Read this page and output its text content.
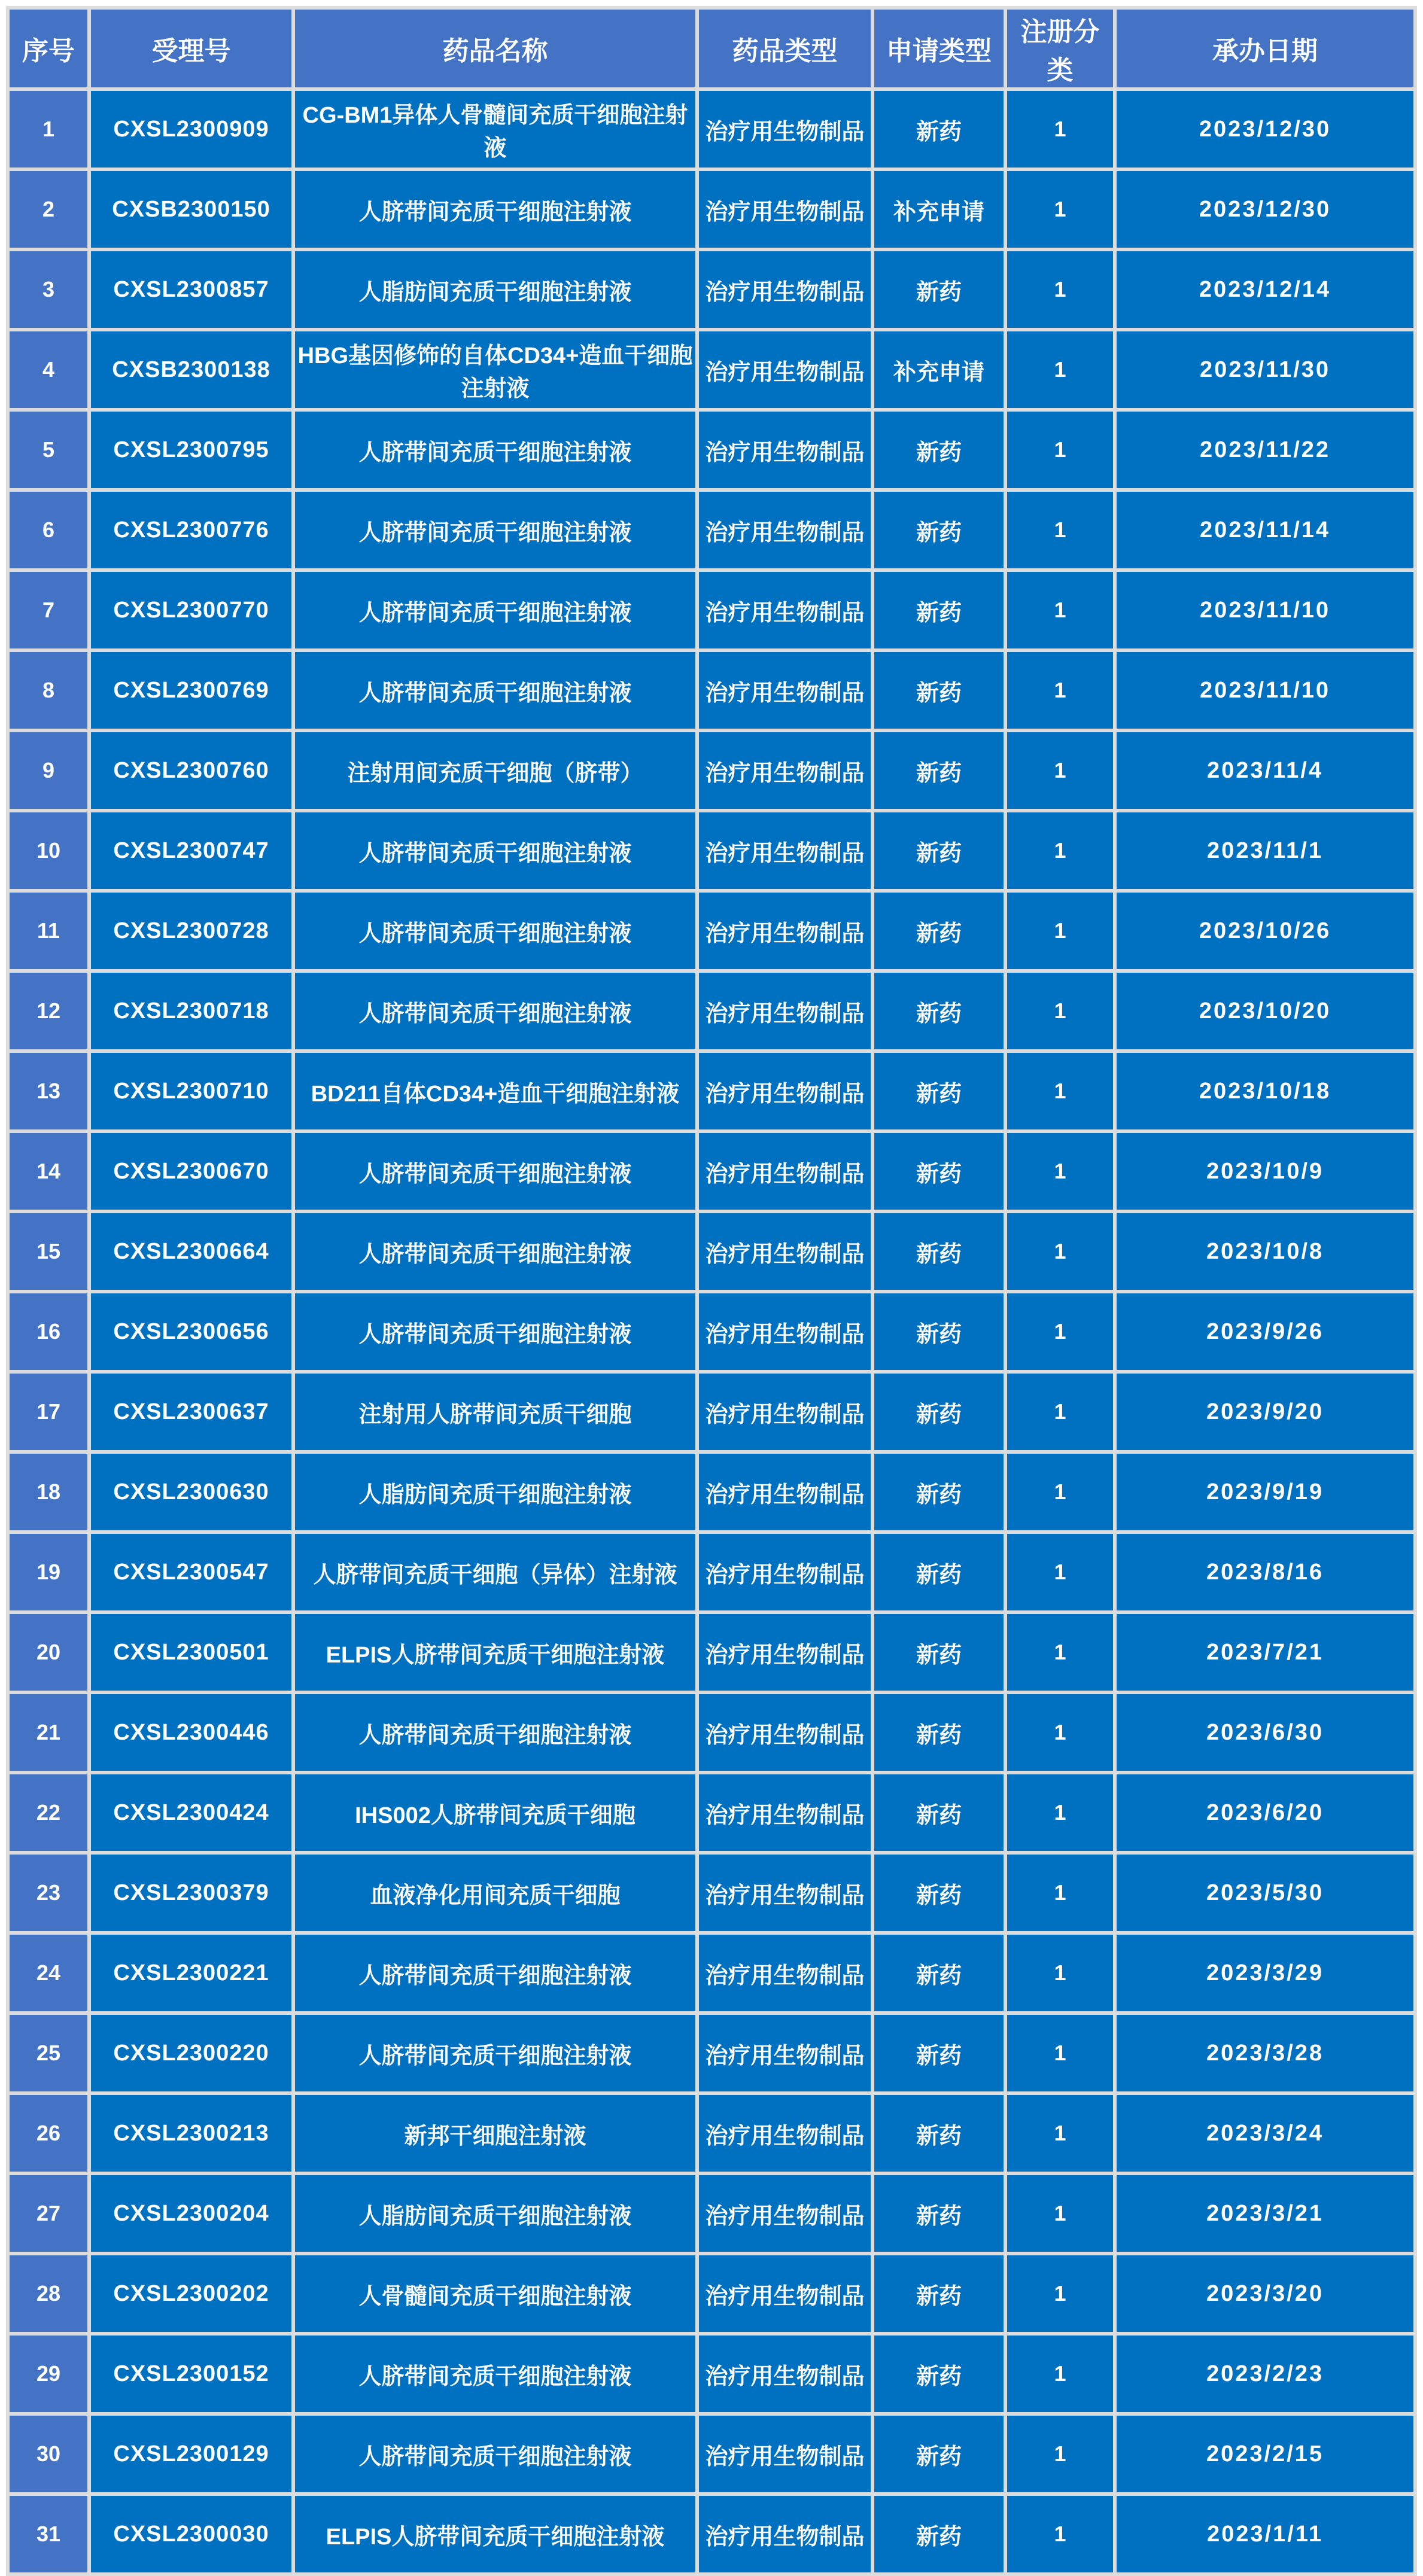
序号	受理号	药品名称	药品类型	申请类型	注册分类	承办日期
1	CXSL2300909	CG-BM1异体人骨髓间充质干细胞注射液	治疗用生物制品	新药	1	2023/12/30
2	CXSB2300150	人脐带间充质干细胞注射液	治疗用生物制品	补充申请	1	2023/12/30
3	CXSL2300857	人脂肪间充质干细胞注射液	治疗用生物制品	新药	1	2023/12/14
4	CXSB2300138	HBG基因修饰的自体CD34+造血干细胞注射液	治疗用生物制品	补充申请	1	2023/11/30
5	CXSL2300795	人脐带间充质干细胞注射液	治疗用生物制品	新药	1	2023/11/22
6	CXSL2300776	人脐带间充质干细胞注射液	治疗用生物制品	新药	1	2023/11/14
7	CXSL2300770	人脐带间充质干细胞注射液	治疗用生物制品	新药	1	2023/11/10
8	CXSL2300769	人脐带间充质干细胞注射液	治疗用生物制品	新药	1	2023/11/10
9	CXSL2300760	注射用间充质干细胞（脐带）	治疗用生物制品	新药	1	2023/11/4
10	CXSL2300747	人脐带间充质干细胞注射液	治疗用生物制品	新药	1	2023/11/1
11	CXSL2300728	人脐带间充质干细胞注射液	治疗用生物制品	新药	1	2023/10/26
12	CXSL2300718	人脐带间充质干细胞注射液	治疗用生物制品	新药	1	2023/10/20
13	CXSL2300710	BD211自体CD34+造血干细胞注射液	治疗用生物制品	新药	1	2023/10/18
14	CXSL2300670	人脐带间充质干细胞注射液	治疗用生物制品	新药	1	2023/10/9
15	CXSL2300664	人脐带间充质干细胞注射液	治疗用生物制品	新药	1	2023/10/8
16	CXSL2300656	人脐带间充质干细胞注射液	治疗用生物制品	新药	1	2023/9/26
17	CXSL2300637	注射用人脐带间充质干细胞	治疗用生物制品	新药	1	2023/9/20
18	CXSL2300630	人脂肪间充质干细胞注射液	治疗用生物制品	新药	1	2023/9/19
19	CXSL2300547	人脐带间充质干细胞（异体）注射液	治疗用生物制品	新药	1	2023/8/16
20	CXSL2300501	ELPIS人脐带间充质干细胞注射液	治疗用生物制品	新药	1	2023/7/21
21	CXSL2300446	人脐带间充质干细胞注射液	治疗用生物制品	新药	1	2023/6/30
22	CXSL2300424	IHS002人脐带间充质干细胞	治疗用生物制品	新药	1	2023/6/20
23	CXSL2300379	血液净化用间充质干细胞	治疗用生物制品	新药	1	2023/5/30
24	CXSL2300221	人脐带间充质干细胞注射液	治疗用生物制品	新药	1	2023/3/29
25	CXSL2300220	人脐带间充质干细胞注射液	治疗用生物制品	新药	1	2023/3/28
26	CXSL2300213	新邦干细胞注射液	治疗用生物制品	新药	1	2023/3/24
27	CXSL2300204	人脂肪间充质干细胞注射液	治疗用生物制品	新药	1	2023/3/21
28	CXSL2300202	人骨髓间充质干细胞注射液	治疗用生物制品	新药	1	2023/3/20
29	CXSL2300152	人脐带间充质干细胞注射液	治疗用生物制品	新药	1	2023/2/23
30	CXSL2300129	人脐带间充质干细胞注射液	治疗用生物制品	新药	1	2023/2/15
31	CXSL2300030	ELPIS人脐带间充质干细胞注射液	治疗用生物制品	新药	1	2023/1/11
